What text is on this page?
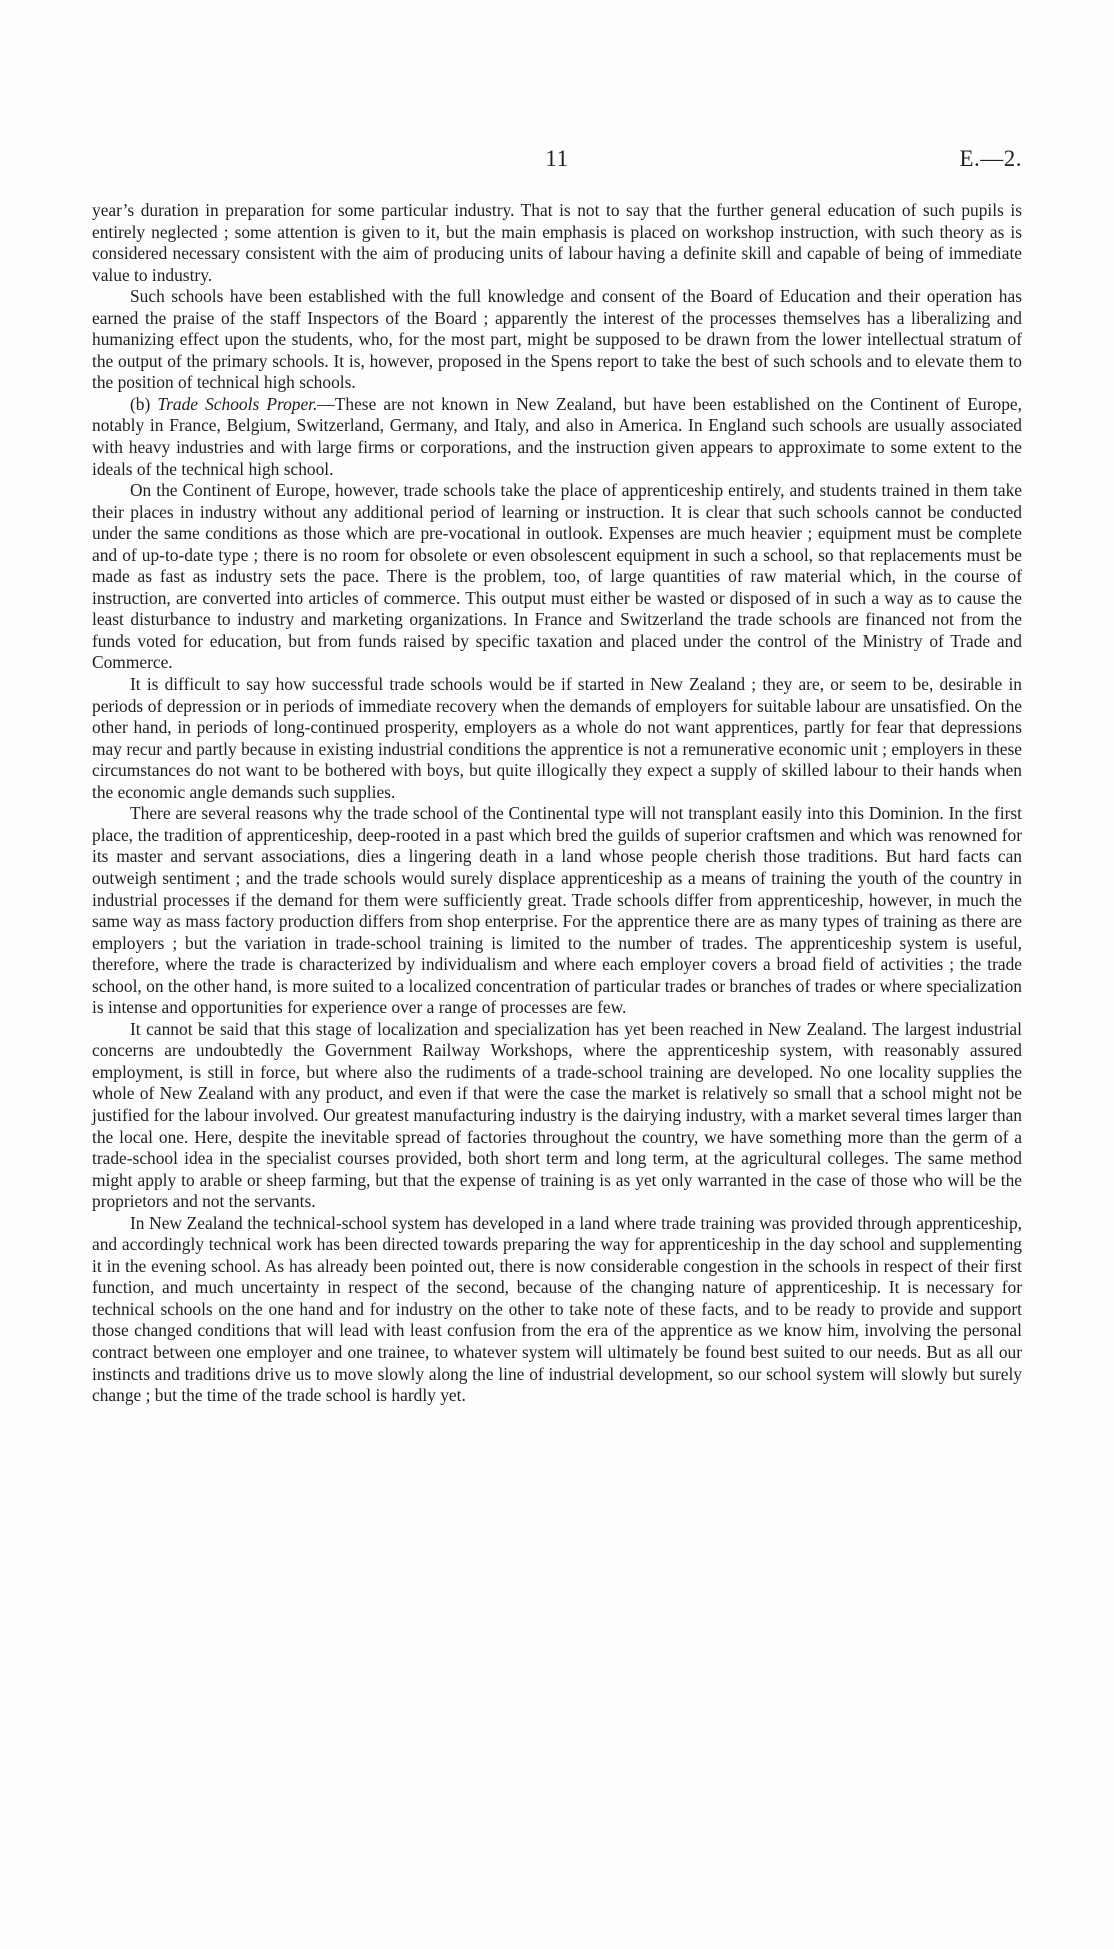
11	E.—2.

year’s duration in preparation for some particular industry. That is not to say that the further general education of such pupils is entirely neglected ; some attention is given to it, but the main emphasis is placed on workshop instruction, with such theory as is considered necessary consistent with the aim of producing units of labour having a definite skill and capable of being of immediate value to industry.

Such schools have been established with the full knowledge and consent of the Board of Education and their operation has earned the praise of the staff Inspectors of the Board ; apparently the interest of the processes themselves has a liberalizing and humanizing effect upon the students, who, for the most part, might be supposed to be drawn from the lower intellectual stratum of the output of the primary schools. It is, however, proposed in the Spens report to take the best of such schools and to elevate them to the position of technical high schools.

(b) Trade Schools Proper.—These are not known in New Zealand, but have been established on the Continent of Europe, notably in France, Belgium, Switzerland, Germany, and Italy, and also in America. In England such schools are usually associated with heavy industries and with large firms or corporations, and the instruction given appears to approximate to some extent to the ideals of the technical high school.

On the Continent of Europe, however, trade schools take the place of apprenticeship entirely, and students trained in them take their places in industry without any additional period of learning or instruction. It is clear that such schools cannot be conducted under the same conditions as those which are pre-vocational in outlook. Expenses are much heavier ; equipment must be complete and of up-to-date type ; there is no room for obsolete or even obsolescent equipment in such a school, so that replacements must be made as fast as industry sets the pace. There is the problem, too, of large quantities of raw material which, in the course of instruction, are converted into articles of commerce. This output must either be wasted or disposed of in such a way as to cause the least disturbance to industry and marketing organizations. In France and Switzerland the trade schools are financed not from the funds voted for education, but from funds raised by specific taxation and placed under the control of the Ministry of Trade and Commerce.

It is difficult to say how successful trade schools would be if started in New Zealand ; they are, or seem to be, desirable in periods of depression or in periods of immediate recovery when the demands of employers for suitable labour are unsatisfied. On the other hand, in periods of long-continued prosperity, employers as a whole do not want apprentices, partly for fear that depressions may recur and partly because in existing industrial conditions the apprentice is not a remunerative economic unit ; employers in these circumstances do not want to be bothered with boys, but quite illogically they expect a supply of skilled labour to their hands when the economic angle demands such supplies.

There are several reasons why the trade school of the Continental type will not transplant easily into this Dominion. In the first place, the tradition of apprenticeship, deep-rooted in a past which bred the guilds of superior craftsmen and which was renowned for its master and servant associations, dies a lingering death in a land whose people cherish those traditions. But hard facts can outweigh sentiment ; and the trade schools would surely displace apprenticeship as a means of training the youth of the country in industrial processes if the demand for them were sufficiently great. Trade schools differ from apprenticeship, however, in much the same way as mass factory production differs from shop enterprise. For the apprentice there are as many types of training as there are employers ; but the variation in trade-school training is limited to the number of trades. The apprenticeship system is useful, therefore, where the trade is characterized by individualism and where each employer covers a broad field of activities ; the trade school, on the other hand, is more suited to a localized concentration of particular trades or branches of trades or where specialization is intense and opportunities for experience over a range of processes are few.

It cannot be said that this stage of localization and specialization has yet been reached in New Zealand. The largest industrial concerns are undoubtedly the Government Railway Workshops, where the apprenticeship system, with reasonably assured employment, is still in force, but where also the rudiments of a trade-school training are developed. No one locality supplies the whole of New Zealand with any product, and even if that were the case the market is relatively so small that a school might not be justified for the labour involved. Our greatest manufacturing industry is the dairying industry, with a market several times larger than the local one. Here, despite the inevitable spread of factories throughout the country, we have something more than the germ of a trade-school idea in the specialist courses provided, both short term and long term, at the agricultural colleges. The same method might apply to arable or sheep farming, but that the expense of training is as yet only warranted in the case of those who will be the proprietors and not the servants.

In New Zealand the technical-school system has developed in a land where trade training was provided through apprenticeship, and accordingly technical work has been directed towards preparing the way for apprenticeship in the day school and supplementing it in the evening school. As has already been pointed out, there is now considerable congestion in the schools in respect of their first function, and much uncertainty in respect of the second, because of the changing nature of apprenticeship. It is necessary for technical schools on the one hand and for industry on the other to take note of these facts, and to be ready to provide and support those changed conditions that will lead with least confusion from the era of the apprentice as we know him, involving the personal contract between one employer and one trainee, to whatever system will ultimately be found best suited to our needs. But as all our instincts and traditions drive us to move slowly along the line of industrial development, so our school system will slowly but surely change ; but the time of the trade school is hardly yet.
